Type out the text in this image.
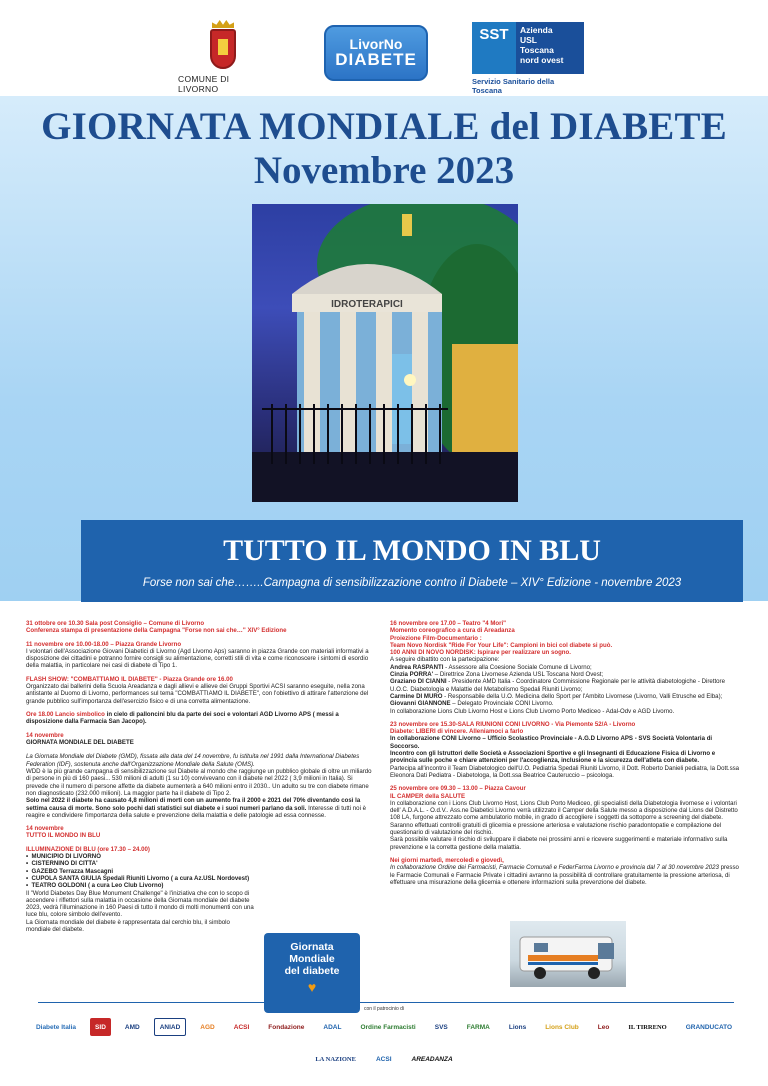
COMUNE DI LIVORNO
LivorNo
DIABETE
SST	Azienda
USL
Toscana
nord ovest
Servizio Sanitario della Toscana
GIORNATA MONDIALE del DIABETE
Novembre 2023
IDROTERAPICI
TUTTO IL MONDO IN BLU
Forse non sai che……..Campagna di sensibilizzazione contro il Diabete – XIV° Edizione - novembre 2023

31 ottobre ore 10.30 Sala post Consiglio – Comune di Livorno
Conferenza stampa di presentazione della Campagna "Forse non sai che…" XIV° Edizione

11 novembre ore 10.00-18.00 – Piazza Grande Livorno
I volontari dell'Associazione Giovani Diabetici di Livorno (Agd Livorno Aps) saranno in piazza Grande con materiali informativi a disposizione dei cittadini e potranno fornire consigli su alimentazione, corretti stili di vita e come riconoscere i sintomi di esordio della malattia, in particolare nei casi di diabete di Tipo 1.

FLASH SHOW: "COMBATTIAMO IL DIABETE" - Piazza Grande ore 16.00
Organizzato dai ballerini della Scuola Areadanza e dagli allievi e allieve dei Gruppi Sportivi ACSI saranno eseguite, nella zona antistante al Duomo di Livorno, performances sul tema "COMBATTIAMO IL DIABETE", con l'obiettivo di attirare l'attenzione del grande pubblico sull'importanza dell'esercizio fisico e di una corretta alimentazione.

Ore 18.00 Lancio simbolico in cielo di palloncini blu da parte dei soci e volontari AGD Livorno APS ( messi a disposizione dalla Farmacia San Jacopo).

14 novembre
GIORNATA MONDIALE DEL DIABETE

La Giornata Mondiale del Diabete (GMD), fissata alla data del 14 novembre, fu istituita nel 1991 dalla International Diabetes Federation (IDF), sostenuta anche dall'Organizzazione Mondiale della Salute (OMS).
WDD è la più grande campagna di sensibilizzazione sul Diabete al mondo che raggiunge un pubblico globale di oltre un miliardo di persone in più di 160 paesi... 530 milioni di adulti (1 su 10) convivevano con il diabete nel 2022 ( 3,9 milioni in Italia). Si prevede che il numero di persone affette da diabete aumenterà a 640 milioni entro il 2030.. Un adulto su tre con diabete rimane non diagnosticato (232.000 milioni). La maggior parte ha il diabete di Tipo 2.
Solo nel 2022 il diabete ha causato 4,8 milioni di morti con un aumento fra il 2000 e 2021 del 70% diventando così la settima causa di morte. Sono solo pochi dati statistici sul diabete e i suoi numeri parlano da soli. Interesse di tutti noi è reagire e condividere l'importanza della salute e prevenzione della malattia e delle patologie ad essa connesse.

14 novembre
TUTTO IL MONDO IN BLU

ILLUMINAZIONE DI BLU (ore 17.30 – 24.00)

•  MUNICIPIO DI LIVORNO
•  CISTERNINO DI CITTA'
•  GAZEBO Terrazza Mascagni
•  CUPOLA SANTA GIULIA Spedali Riuniti Livorno ( a cura Az.USL Nordovest)
•  TEATRO GOLDONI ( a cura Leo Club Livorno)
Il "World Diabetes Day Blue Monument Challenge" è l'iniziativa che con lo scopo di accendere i riflettori sulla malattia in occasione della Giornata mondiale del diabete 2023, vedrà l'illuminazione in 160 Paesi di tutto il mondo di molti monumenti con una luce blu, colore simbolo dell'evento.
La Giornata mondiale del diabete è rappresentata dal cerchio blu, il simbolo mondiale del diabete.
Giornata
Mondiale
del diabete
♥

16 novembre ore 17.00 – Teatro "4 Mori"
Momento coreografico a cura di Areadanza
Proiezione Film-Documentario :
Team Novo Nordisk "Ride For Your Life": Campioni in bici col diabete si può.
100 ANNI DI NOVO NORDISK: Ispirare per realizzare un sogno.
A seguire dibattito con la partecipazione:
Andrea RASPANTI - Assessore alla Coesione Sociale Comune di Livorno;
Cinzia PORRA' – Direttrice Zona Livornese Azienda USL Toscana Nord Ovest;
Graziano DI CIANNI - Presidente AMD Italia - Coordinatore Commissione Regionale per le attività diabetologiche - Direttore U.O.C. Diabetologia e Malattie del Metabolismo Spedali Riuniti Livorno;
Carmine DI MURO - Responsabile della U.O. Medicina dello Sport per l'Ambito Livornese (Livorno, Valli Etrusche ed Elba);
Giovanni GIANNONE – Delegato Provinciale CONI Livorno.
In collaborazione Lions Club Livorno Host e Lions Club Livorno Porto Mediceo - Adal-Odv e AGD Livorno.

23 novembre ore 15.30-SALA RIUNIONI CONI LIVORNO - Via Piemonte 52/A - Livorno
Diabete: LIBERI di vincere. Alleniamoci a farlo
In collaborazione CONI Livorno – Ufficio Scolastico Provinciale - A.G.D Livorno APS - SVS Società Volontaria di Soccorso.
Incontro con gli Istruttori delle Società e Associazioni Sportive e gli Insegnanti di Educazione Fisica di Livorno e provincia sulle poche e chiare attenzioni per l'accoglienza, inclusione e la sicurezza dell'atleta con diabete.
Partecipa all'incontro il Team Diabetologico dell'U.O. Pediatria Spedali Riuniti Livorno, il Dott. Roberto Danieli pediatra, la Dott.ssa Eleonora Dati Pediatra - Diabetologa, la Dott.ssa Beatrice Cauteruccio – psicologa.

25 novembre ore 09.30 – 13.00 – Piazza Cavour
IL CAMPER della SALUTE
In collaborazione con i Lions Club Livorno Host, Lions Club Porto Mediceo, gli specialisti della Diabetologia livornese e i volontari dell' A.D.A.L. - O.d.V.. Ass.ne Diabetici Livorno verrà utilizzato il Camper della Salute messo a disposizione dal Lions del Distretto 108 LA, furgone attrezzato come ambulatorio mobile, in grado di accogliere i soggetti da sottoporre a screening del diabete.
Saranno effettuati controlli gratuiti di glicemia e pressione arteriosa e valutazione rischio paradontopatie e compilazione del questionario di valutazione del rischio.
Sarà possibile valutare il rischio di sviluppare il diabete nei prossimi anni e ricevere suggerimenti e materiale informativo sulla prevenzione e la corretta gestione della malattia.

Nei giorni martedì, mercoledì e giovedì,
In collaborazione Ordine dei Farmacisti, Farmacie Comunali e FederFarma Livorno e provincia dal 7 al 30 novembre 2023 presso le Farmacie Comunali e Farmacie Private i cittadini avranno la possibilità di controllare gratuitamente la pressione arteriosa, di effettuare una misurazione della glicemia e ottenere informazioni sulla prevenzione del diabete.

con il patrocinio di
Diabete Italia	SID	AMD	ANIAD	AGD	ACSI	Fondazione	ADAL	Ordine Farmacisti	SVS	FARMA	Lions	Lions Club	Leo	IL TIRRENO	GRANDUCATO
LA NAZIONE	ACSI	AREADANZA
